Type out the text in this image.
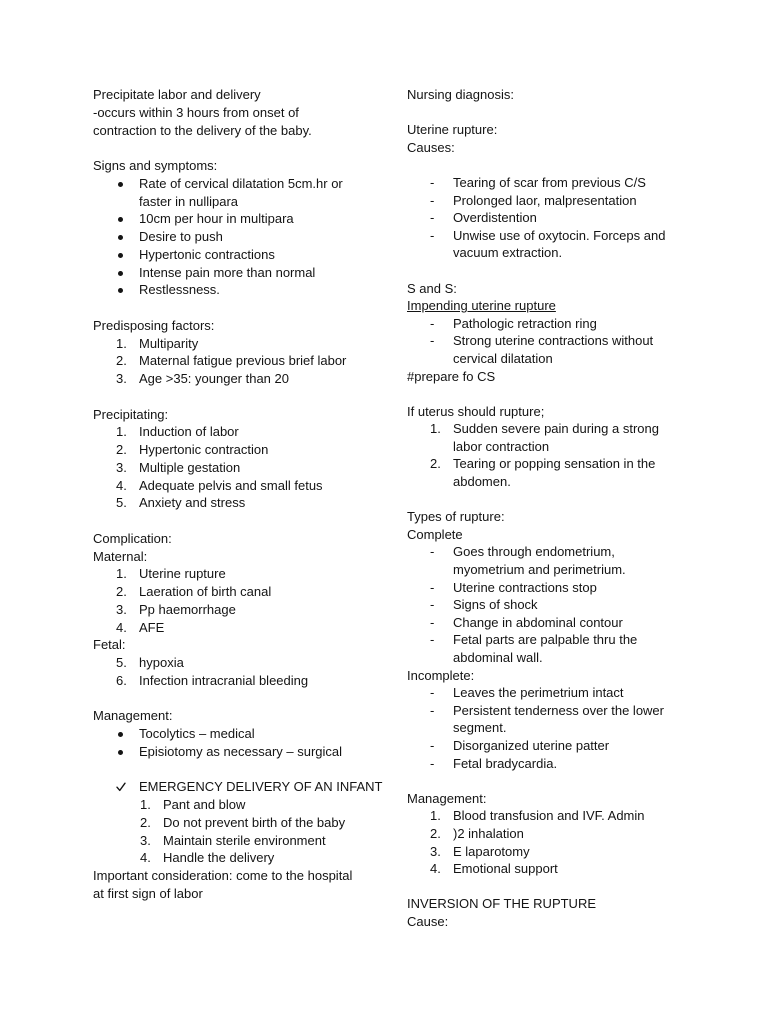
Precipitate labor and delivery
-occurs within 3 hours from onset of
contraction to the delivery of the baby.
Signs and symptoms:
Rate of cervical dilatation 5cm.hr or
faster in nullipara
10cm per hour in multipara
Desire to push
Hypertonic contractions
Intense pain more than normal
Restlessness.
Predisposing factors:
1. Multiparity
2. Maternal fatigue previous brief labor
3. Age >35: younger than 20
Precipitating:
1. Induction of labor
2. Hypertonic contraction
3. Multiple gestation
4. Adequate pelvis and small fetus
5. Anxiety and stress
Complication:
Maternal:
1. Uterine rupture
2. Laeration of birth canal
3. Pp haemorrhage
4. AFE
Fetal:
5. hypoxia
6. Infection intracranial bleeding
Management:
Tocolytics – medical
Episiotomy as necessary – surgical
EMERGENCY DELIVERY OF AN INFANT
1. Pant and blow
2. Do not prevent birth of the baby
3. Maintain sterile environment
4. Handle the delivery
Important consideration: come to the hospital
at first sign of labor
Nursing diagnosis:
Uterine rupture:
Causes:
- Tearing of scar from previous C/S
- Prolonged laor, malpresentation
- Overdistention
- Unwise use of oxytocin. Forceps and
vacuum extraction.
S and S:
Impending uterine rupture
- Pathologic retraction ring
- Strong uterine contractions without
cervical dilatation
#prepare fo CS
If uterus should rupture;
1. Sudden severe pain during a strong
labor contraction
2. Tearing or popping sensation in the
abdomen.
Types of rupture:
Complete
- Goes through endometrium,
myometrium and perimetrium.
- Uterine contractions stop
- Signs of shock
- Change in abdominal contour
- Fetal parts are palpable thru the
abdominal wall.
Incomplete:
- Leaves the perimetrium intact
- Persistent tenderness over the lower
segment.
- Disorganized uterine patter
- Fetal bradycardia.
Management:
1. Blood transfusion and IVF. Admin
2. )2 inhalation
3. E laparotomy
4. Emotional support
INVERSION OF THE RUPTURE
Cause:
